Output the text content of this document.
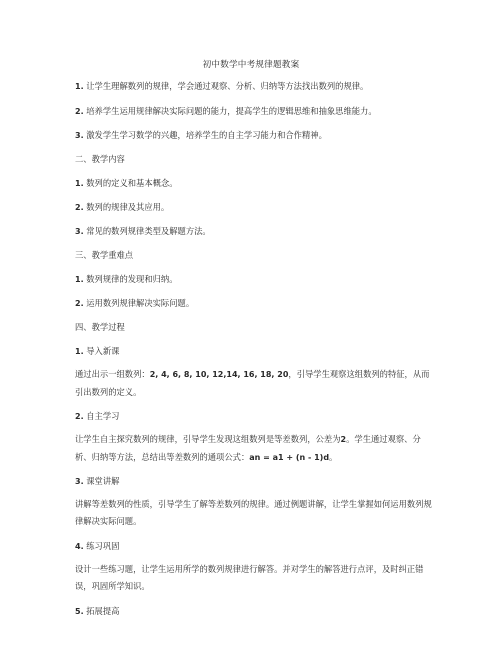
初中数学中考规律题教案
1. 让学生理解数列的规律，学会通过观察、分析、归纳等方法找出数列的规律。
2. 培养学生运用规律解决实际问题的能力，提高学生的逻辑思维和抽象思维能力。
3. 激发学生学习数学的兴趣，培养学生的自主学习能力和合作精神。
二、教学内容
1. 数列的定义和基本概念。
2. 数列的规律及其应用。
3. 常见的数列规律类型及解题方法。
三、教学重难点
1. 数列规律的发现和归纳。
2. 运用数列规律解决实际问题。
四、教学过程
1. 导入新课
通过出示一组数列：2, 4, 6, 8, 10, 12,14, 16, 18, 20，引导学生观察这组数列的特征，从而引出数列的定义。
2. 自主学习
让学生自主探究数列的规律，引导学生发现这组数列是等差数列，公差为2。学生通过观察、分析、归纳等方法，总结出等差数列的通项公式：an = a1 + (n - 1)d。
3. 课堂讲解
讲解等差数列的性质，引导学生了解等差数列的规律。通过例题讲解，让学生掌握如何运用数列规律解决实际问题。
4. 练习巩固
设计一些练习题，让学生运用所学的数列规律进行解答。并对学生的解答进行点评，及时纠正错误，巩固所学知识。
5. 拓展提高
